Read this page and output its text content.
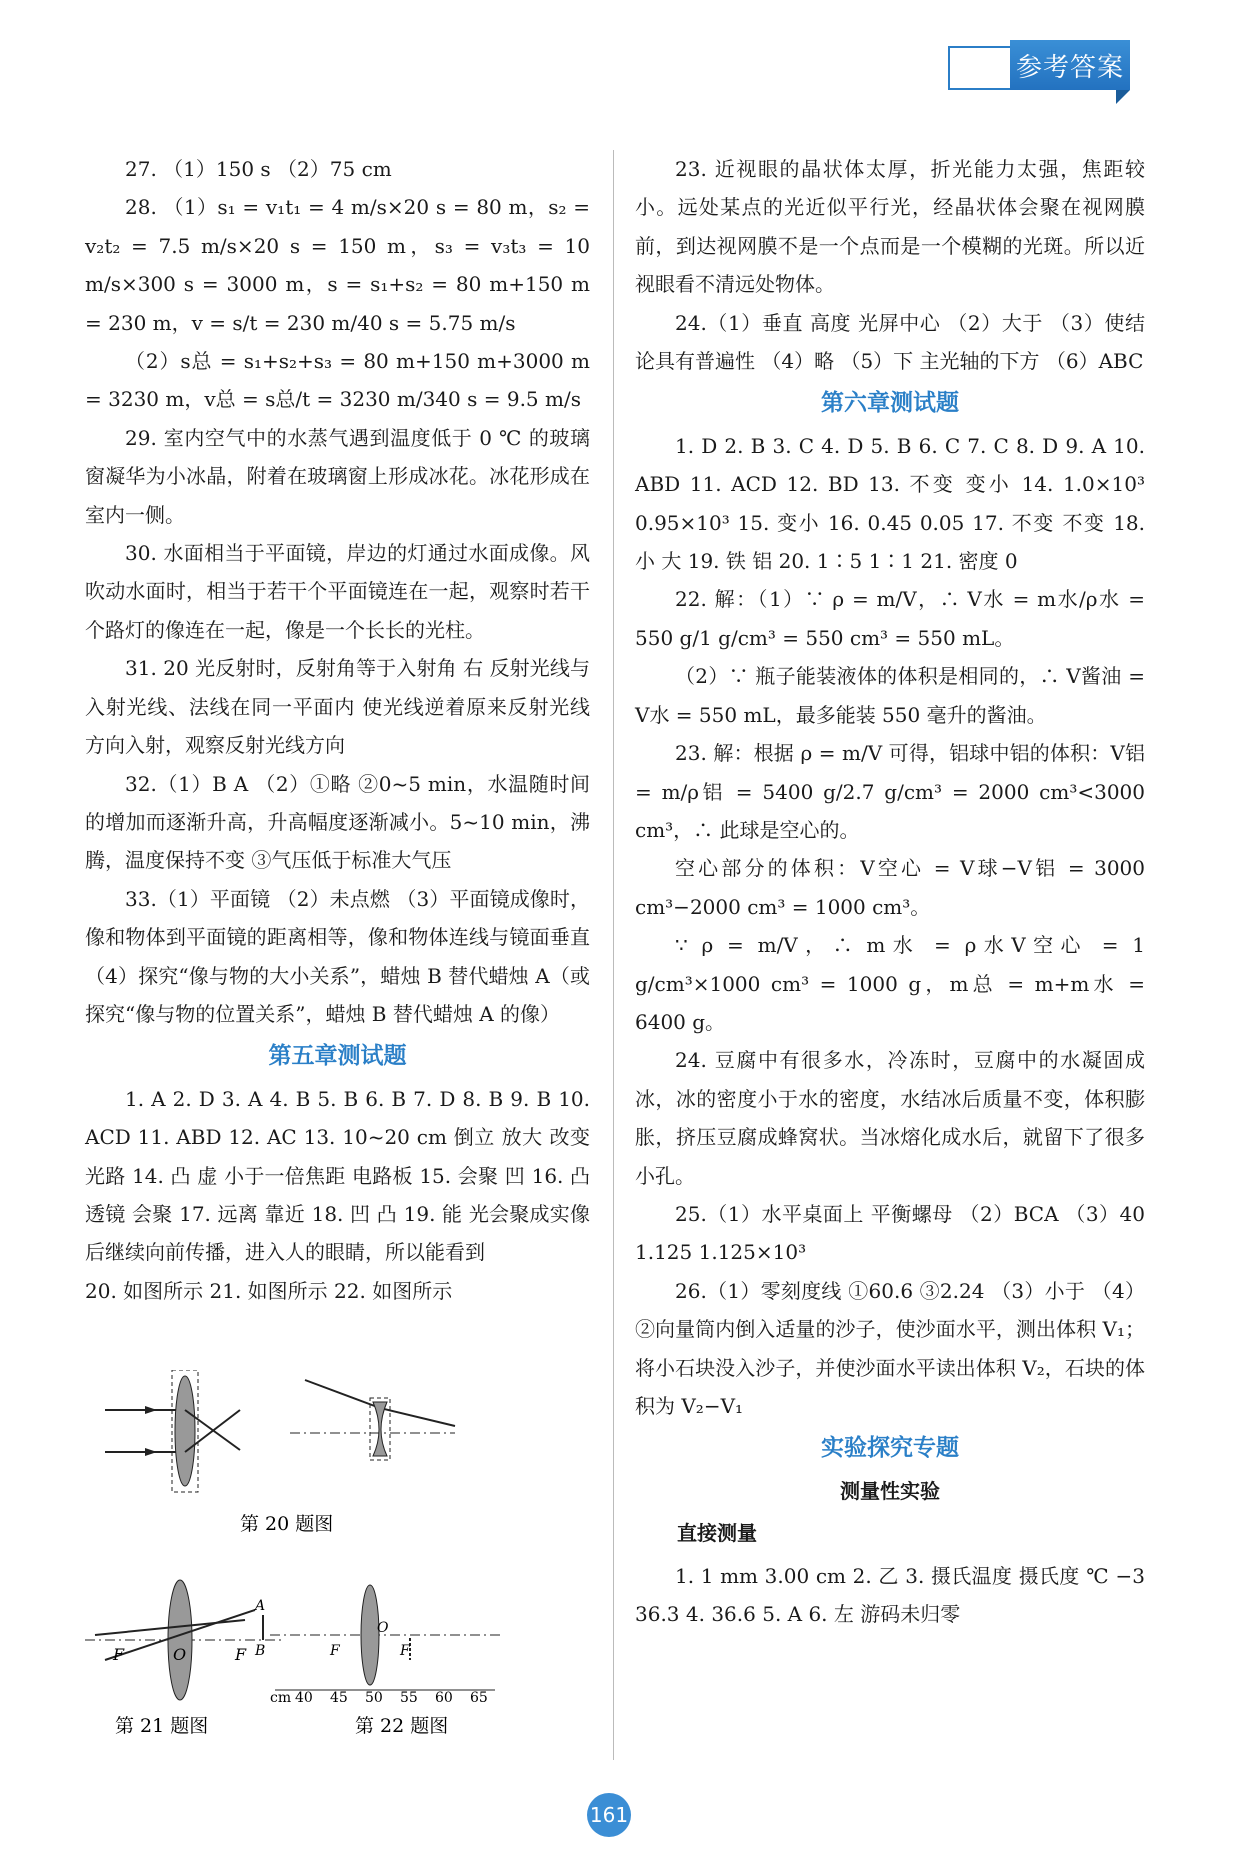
参考答案

27. （1）150 s （2）75 cm

28. （1）s₁ = v₁t₁ = 4 m/s×20 s = 80 m，s₂ = v₂t₂ = 7.5 m/s×20 s = 150 m，s₃ = v₃t₃ = 10 m/s×300 s = 3000 m，s = s₁+s₂ = 80 m+150 m = 230 m，v = s/t = 230 m/40 s = 5.75 m/s

（2）s总 = s₁+s₂+s₃ = 80 m+150 m+3000 m = 3230 m，v总 = s总/t = 3230 m/340 s = 9.5 m/s

29. 室内空气中的水蒸气遇到温度低于 0 ℃ 的玻璃窗凝华为小冰晶，附着在玻璃窗上形成冰花。冰花形成在室内一侧。

30. 水面相当于平面镜，岸边的灯通过水面成像。风吹动水面时，相当于若干个平面镜连在一起，观察时若干个路灯的像连在一起，像是一个长长的光柱。

31. 20 光反射时，反射角等于入射角 右 反射光线与入射光线、法线在同一平面内 使光线逆着原来反射光线方向入射，观察反射光线方向

32.（1）B A （2）①略 ②0~5 min，水温随时间的增加而逐渐升高，升高幅度逐渐减小。5~10 min，沸腾，温度保持不变 ③气压低于标准大气压

33.（1）平面镜 （2）未点燃 （3）平面镜成像时，像和物体到平面镜的距离相等，像和物体连线与镜面垂直 （4）探究“像与物的大小关系”，蜡烛 B 替代蜡烛 A（或探究“像与物的位置关系”，蜡烛 B 替代蜡烛 A 的像）

第五章测试题

1. A 2. D 3. A 4. B 5. B 6. B 7. D 8. B 9. B 10. ACD 11. ABD 12. AC 13. 10~20 cm 倒立 放大 改变光路 14. 凸 虚 小于一倍焦距 电路板 15. 会聚 凹 16. 凸透镜 会聚 17. 远离 靠近 18. 凹 凸 19. 能 光会聚成实像后继续向前传播，进入人的眼睛，所以能看到

20. 如图所示 21. 如图所示 22. 如图所示

第 20 题图
F	O	F
第 21 题图
A
B	F
O
F
cm 40 45 50 55 60 65
第 22 题图

23. 近视眼的晶状体太厚，折光能力太强，焦距较小。远处某点的光近似平行光，经晶状体会聚在视网膜前，到达视网膜不是一个点而是一个模糊的光斑。所以近视眼看不清远处物体。

24.（1）垂直 高度 光屏中心 （2）大于 （3）使结论具有普遍性 （4）略 （5）下 主光轴的下方 （6）ABC

第六章测试题

1. D 2. B 3. C 4. D 5. B 6. C 7. C 8. D 9. A 10. ABD 11. ACD 12. BD 13. 不变 变小 14. 1.0×10³ 0.95×10³ 15. 变小 16. 0.45 0.05 17. 不变 不变 18. 小 大 19. 铁 铝 20. 1∶5 1∶1 21. 密度 0

22. 解：（1）∵ ρ = m/V，∴ V水 = m水/ρ水 = 550 g/1 g/cm³ = 550 cm³ = 550 mL。

（2）∵ 瓶子能装液体的体积是相同的，∴ V酱油 = V水 = 550 mL，最多能装 550 毫升的酱油。

23. 解：根据 ρ = m/V 可得，铝球中铝的体积：V铝 = m/ρ铝 = 5400 g/2.7 g/cm³ = 2000 cm³<3000 cm³，∴ 此球是空心的。

空心部分的体积：V空心 = V球−V铝 = 3000 cm³−2000 cm³ = 1000 cm³。

∵ ρ = m/V，∴ m水 = ρ水V空心 = 1 g/cm³×1000 cm³ = 1000 g，m总 = m+m水 = 6400 g。

24. 豆腐中有很多水，冷冻时，豆腐中的水凝固成冰，冰的密度小于水的密度，水结冰后质量不变，体积膨胀，挤压豆腐成蜂窝状。当冰熔化成水后，就留下了很多小孔。

25.（1）水平桌面上 平衡螺母 （2）BCA （3）40 1.125 1.125×10³

26.（1）零刻度线 ①60.6 ③2.24 （3）小于 （4）②向量筒内倒入适量的沙子，使沙面水平，测出体积 V₁；将小石块没入沙子，并使沙面水平读出体积 V₂，石块的体积为 V₂−V₁

实验探究专题
测量性实验
直接测量

1. 1 mm 3.00 cm 2. 乙 3. 摄氏温度 摄氏度 ℃ −3 36.3 4. 36.6 5. A 6. 左 游码未归零

161
